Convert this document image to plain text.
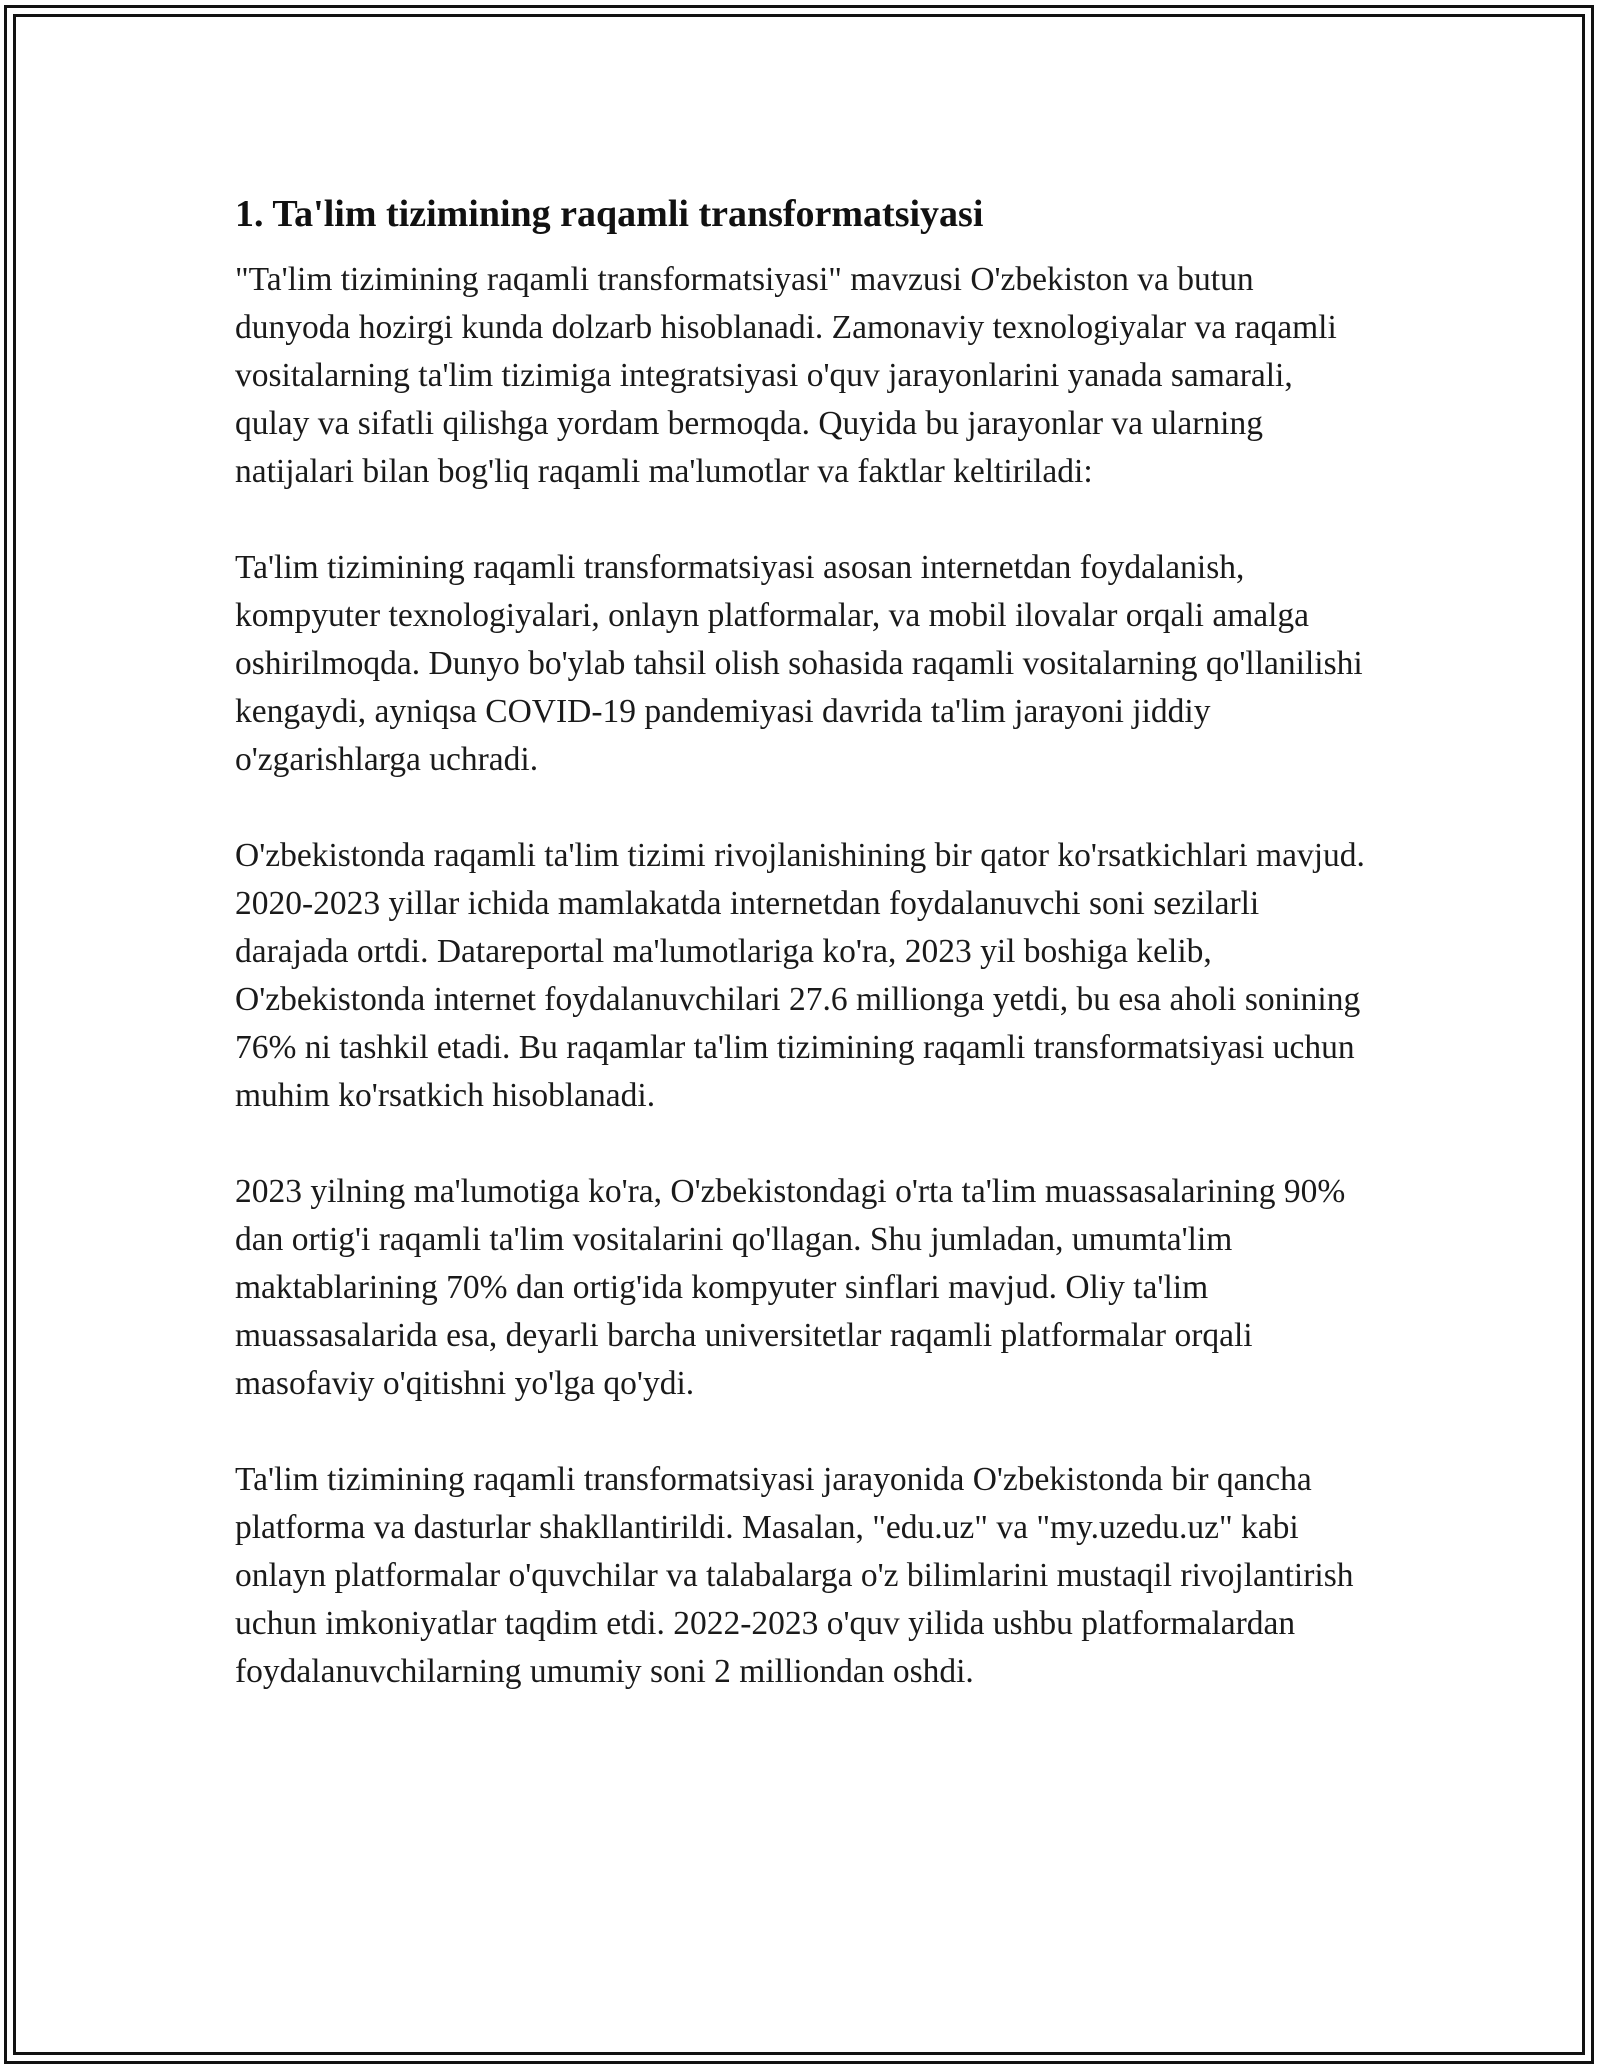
1. Ta'lim tizimining raqamli transformatsiyasi

"Ta'lim tizimining raqamli transformatsiyasi" mavzusi O'zbekiston va butun dunyoda hozirgi kunda dolzarb hisoblanadi. Zamonaviy texnologiyalar va raqamli vositalarning ta'lim tizimiga integratsiyasi o'quv jarayonlarini yanada samarali, qulay va sifatli qilishga yordam bermoqda. Quyida bu jarayonlar va ularning natijalari bilan bog'liq raqamli ma'lumotlar va faktlar keltiriladi:

Ta'lim tizimining raqamli transformatsiyasi asosan internetdan foydalanish, kompyuter texnologiyalari, onlayn platformalar, va mobil ilovalar orqali amalga oshirilmoqda. Dunyo bo'ylab tahsil olish sohasida raqamli vositalarning qo'llanilishi kengaydi, ayniqsa COVID-19 pandemiyasi davrida ta'lim jarayoni jiddiy o'zgarishlarga uchradi.

O'zbekistonda raqamli ta'lim tizimi rivojlanishining bir qator ko'rsatkichlari mavjud. 2020-2023 yillar ichida mamlakatda internetdan foydalanuvchi soni sezilarli darajada ortdi. Datareportal ma'lumotlariga ko'ra, 2023 yil boshiga kelib, O'zbekistonda internet foydalanuvchilari 27.6 millionga yetdi, bu esa aholi sonining 76% ni tashkil etadi. Bu raqamlar ta'lim tizimining raqamli transformatsiyasi uchun muhim ko'rsatkich hisoblanadi.

2023 yilning ma'lumotiga ko'ra, O'zbekistondagi o'rta ta'lim muassasalarining 90% dan ortig'i raqamli ta'lim vositalarini qo'llagan. Shu jumladan, umumta'lim maktablarining 70% dan ortig'ida kompyuter sinflari mavjud. Oliy ta'lim muassasalarida esa, deyarli barcha universitetlar raqamli platformalar orqali masofaviy o'qitishni yo'lga qo'ydi.

Ta'lim tizimining raqamli transformatsiyasi jarayonida O'zbekistonda bir qancha platforma va dasturlar shakllantirildi. Masalan, "edu.uz" va "my.uzedu.uz" kabi onlayn platformalar o'quvchilar va talabalarga o'z bilimlarini mustaqil rivojlantirish uchun imkoniyatlar taqdim etdi. 2022-2023 o'quv yilida ushbu platformalardan foydalanuvchilarning umumiy soni 2 milliondan oshdi.
